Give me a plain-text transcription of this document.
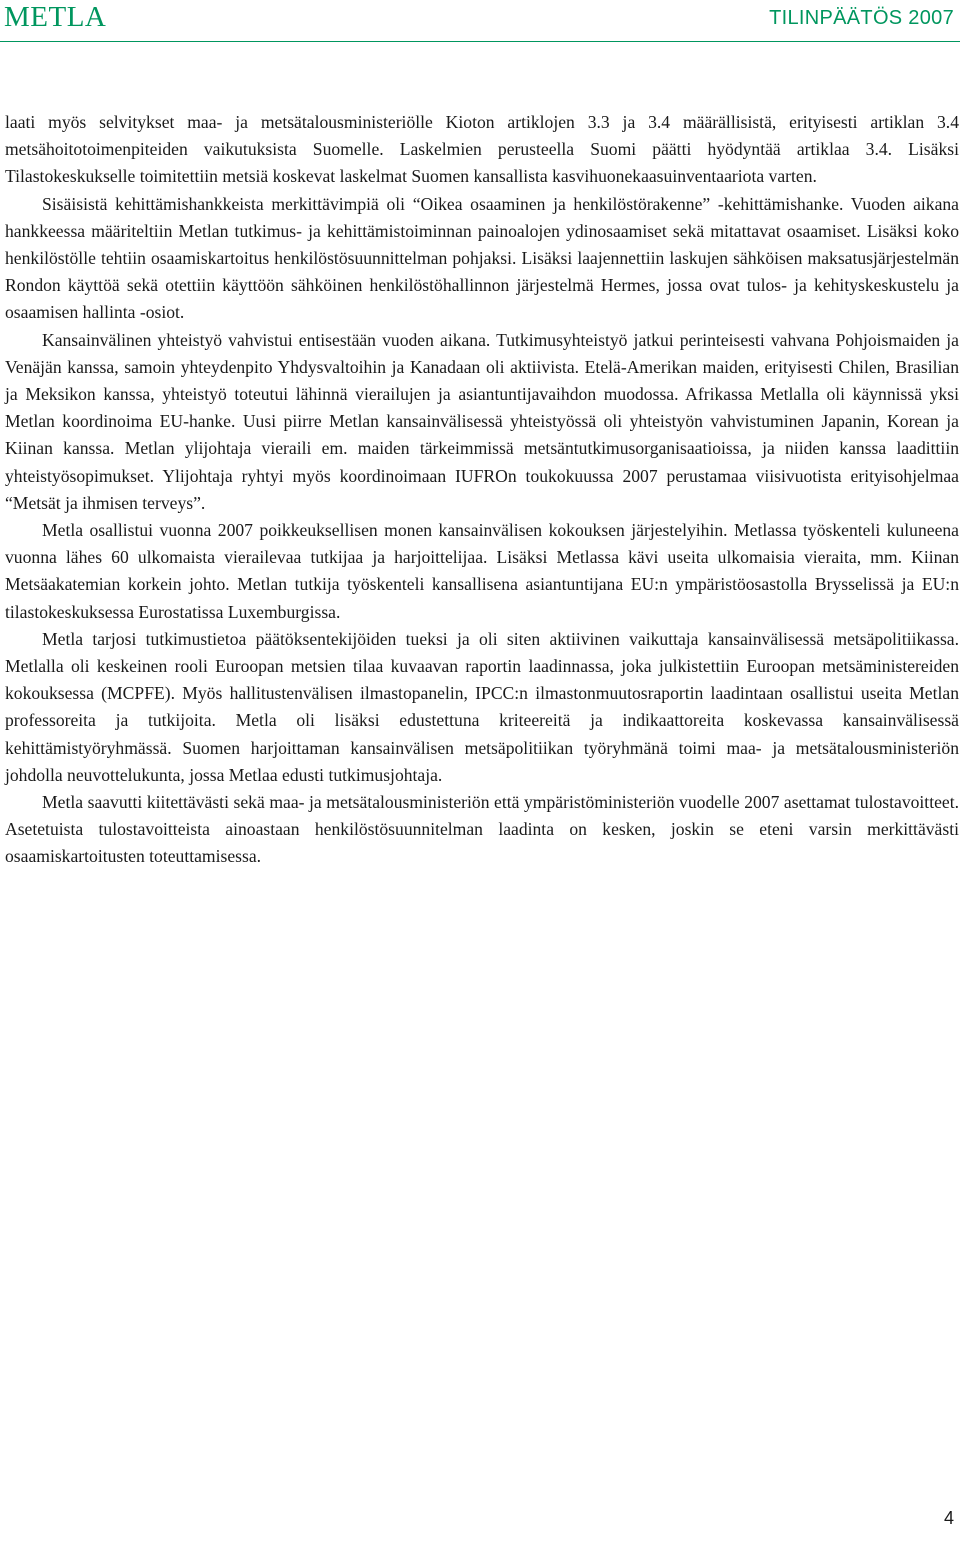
METLA	TILINPÄÄTÖS 2007

laati myös selvitykset maa- ja metsätalousministeriölle Kioton artiklojen 3.3 ja 3.4 määrällisistä, erityisesti artiklan 3.4 metsähoitotoimenpiteiden vaikutuksista Suomelle. Laskelmien perusteella Suomi päätti hyödyntää artiklaa 3.4. Lisäksi Tilastokeskukselle toimitettiin metsiä koskevat laskelmat Suomen kansallista kasvihuonekaasuinventaariota varten.

Sisäisistä kehittämishankkeista merkittävimpiä oli “Oikea osaaminen ja henkilöstörakenne” -kehittämishanke. Vuoden aikana hankkeessa määriteltiin Metlan tutkimus- ja kehittämistoiminnan painoalojen ydinosaamiset sekä mitattavat osaamiset. Lisäksi koko henkilöstölle tehtiin osaamiskartoitus henkilöstösuunnittelman pohjaksi. Lisäksi laajennettiin laskujen sähköisen maksatusjärjestelmän Rondon käyttöä sekä otettiin käyttöön sähköinen henkilöstöhallinnon järjestelmä Hermes, jossa ovat tulos- ja kehityskeskustelu ja osaamisen hallinta -osiot.

Kansainvälinen yhteistyö vahvistui entisestään vuoden aikana. Tutkimusyhteistyö jatkui perinteisesti vahvana Pohjoismaiden ja Venäjän kanssa, samoin yhteydenpito Yhdysvaltoihin ja Kanadaan oli aktiivista. Etelä-Amerikan maiden, erityisesti Chilen, Brasilian ja Meksikon kanssa, yhteistyö toteutui lähinnä vierailujen ja asiantuntijavaihdon muodossa. Afrikassa Metlalla oli käynnissä yksi Metlan koordinoima EU-hanke. Uusi piirre Metlan kansainvälisessä yhteistyössä oli yhteistyön vahvistuminen Japanin, Korean ja Kiinan kanssa. Metlan ylijohtaja vieraili em. maiden tärkeimmissä metsäntutkimusorganisaatioissa, ja niiden kanssa laadittiin yhteistyösopimukset. Ylijohtaja ryhtyi myös koordinoimaan IUFROn toukokuussa 2007 perustamaa viisivuotista erityisohjelmaa “Metsät ja ihmisen terveys”.

Metla osallistui vuonna 2007 poikkeuksellisen monen kansainvälisen kokouksen järjestelyihin. Metlassa työskenteli kuluneena vuonna lähes 60 ulkomaista vierailevaa tutkijaa ja harjoittelijaa. Lisäksi Metlassa kävi useita ulkomaisia vieraita, mm. Kiinan Metsäakatemian korkein johto. Metlan tutkija työskenteli kansallisena asiantuntijana EU:n ympäristöosastolla Brysselissä ja EU:n tilastokeskuksessa Eurostatissa Luxemburgissa.

Metla tarjosi tutkimustietoa päätöksentekijöiden tueksi ja oli siten aktiivinen vaikuttaja kansainvälisessä metsäpolitiikassa. Metlalla oli keskeinen rooli Euroopan metsien tilaa kuvaavan raportin laadinnassa, joka julkistettiin Euroopan metsäministereiden kokouksessa (MCPFE). Myös hallitustenvälisen ilmastopanelin, IPCC:n ilmastonmuutosraportin laadintaan osallistui useita Metlan professoreita ja tutkijoita. Metla oli lisäksi edustettuna kriteereitä ja indikaattoreita koskevassa kansainvälisessä kehittämistyöryhmässä. Suomen harjoittaman kansainvälisen metsäpolitiikan työryhmänä toimi maa- ja metsätalousministeriön johdolla neuvottelukunta, jossa Metlaa edusti tutkimusjohtaja.

Metla saavutti kiitettävästi sekä maa- ja metsätalousministeriön että ympäristöministeriön vuodelle 2007 asettamat tulostavoitteet. Asetetuista tulostavoitteista ainoastaan henkilöstösuunnitelman laadinta on kesken, joskin se eteni varsin merkittävästi osaamiskartoitusten toteuttamisessa.

4
